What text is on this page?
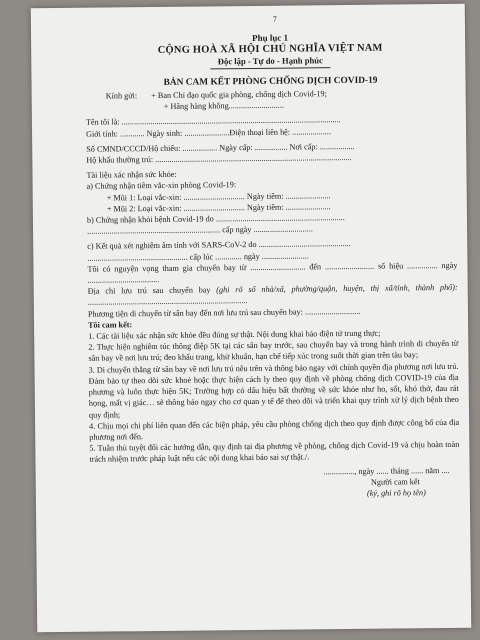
7
Phụ lục 1
CỘNG HOÀ XÃ HỘI CHỦ NGHĨA VIỆT NAM
Độc lập - Tự do - Hạnh phúc
BẢN CAM KẾT PHÒNG CHỐNG DỊCH COVID-19
Kính gửi: + Ban Chỉ đạo quốc gia phòng, chống dịch Covid-19;
+ Hãng hàng không...........................
Tên tôi là: ...........................................................................................................
Giới tính: ............ Ngày sinh: ......................Điện thoại liên hệ: ...................
Số CMND/CCCD/Hộ chiếu: ................. Ngày cấp: ................ Nơi cấp: .................
Hộ khẩu thường trú: ................................................................................................
Tài liệu xác nhận sức khỏe:
a) Chứng nhận tiêm vắc-xin phòng Covid-19:
+ Mũi 1: Loại vắc-xin: .............................. Ngày tiêm: ......................
+ Mũi 2: Loại vắc-xin: .............................. Ngày tiêm: ......................
b) Chứng nhận khỏi bệnh Covid-19 do ...............................................................
................................................................. cấp ngày .............................
c) Kết quả xét nghiệm âm tính với SARS-CoV-2 do .............................................
................................................. cấp lúc ............. ngày .......................
Tôi có nguyện vọng tham gia chuyến bay từ ........................... đến ........................ số hiệu ............... ngày ...................................
Địa chỉ lưu trú sau chuyến bay (ghi rõ số nhà/xã, phường/quận, huyện, thị xã/tỉnh, thành phố): ..............................................................................
Phương tiện di chuyển từ sân bay đến nơi lưu trú sau chuyến bay: ...........................
Tôi cam kết:
1. Các tài liệu xác nhận sức khỏe đều đúng sự thật. Nội dung khai báo điện tử trung thực;
2. Thực hiện nghiêm túc thông điệp 5K tại các sân bay trước, sau chuyến bay và trong hành trình di chuyển từ sân bay về nơi lưu trú; đeo khẩu trang, khử khuẩn, hạn chế tiếp xúc trong suốt thời gian trên tàu bay;
3. Di chuyển thẳng từ sân bay về nơi lưu trú nêu trên và thông báo ngay với chính quyền địa phương nơi lưu trú. Đảm bảo tự theo dõi sức khoẻ hoặc thực hiện cách ly theo quy định về phòng chống dịch COVID-19 của địa phương và luôn thực hiện 5K; Trường hợp có dấu hiệu bất thường về sức khỏe như ho, sốt, khó thở, đau rát họng, mất vị giác… sẽ thông báo ngay cho cơ quan y tế để theo dõi và triển khai quy trình xử lý dịch bệnh theo quy định;
4. Chịu mọi chi phí liên quan đến các biện pháp, yêu cầu phòng chống dịch theo quy định được công bố của địa phương nơi đến.
5. Tuân thủ tuyệt đối các hướng dẫn, quy định tại địa phương về phòng, chống dịch Covid-19 và chịu hoàn toàn trách nhiệm trước pháp luật nếu các nội dung khai báo sai sự thật./.
..............., ngày ...... tháng ...... năm ....
Người cam kết
(ký, ghi rõ họ tên)
